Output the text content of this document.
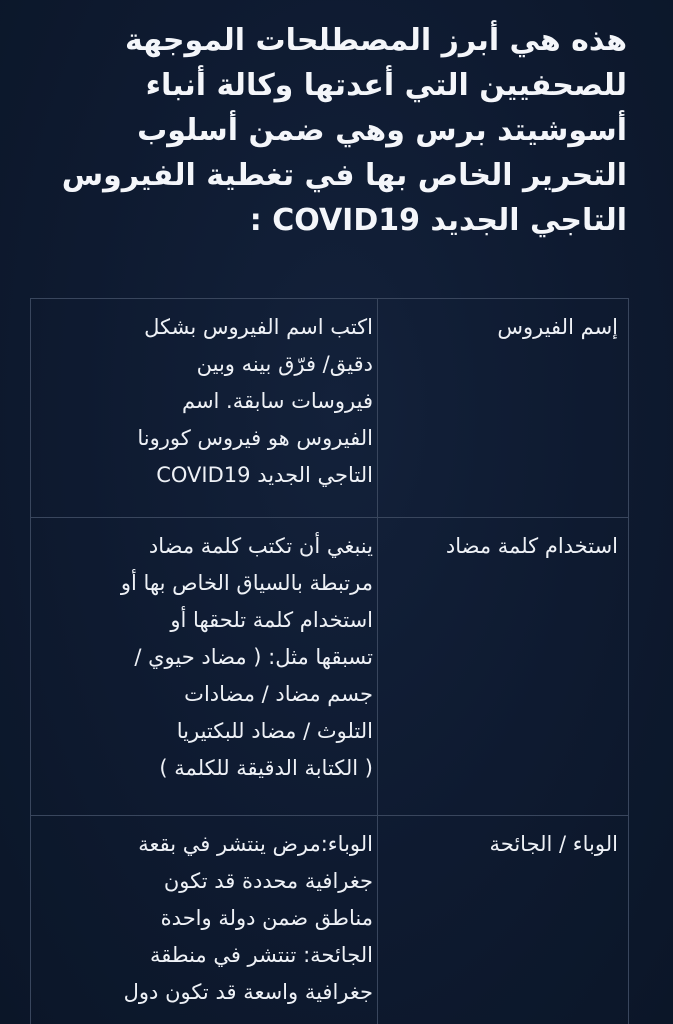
هذه هي أبرز المصطلحات الموجهة
للصحفيين التي أعدتها وكالة أنباء
أسوشيتد برس وهي ضمن أسلوب
التحرير الخاص بها في تغطية الفيروس
التاجي الجديد COVID19 :
إسم الفيروس
اكتب اسم الفيروس بشكل
دقيق/ فرّق بينه وبين
فيروسات سابقة. اسم
الفيروس هو فيروس كورونا
التاجي الجديد COVID19
استخدام كلمة مضاد
ينبغي أن تكتب كلمة مضاد
مرتبطة بالسياق الخاص بها أو
استخدام كلمة تلحقها أو
تسبقها مثل: ( مضاد حيوي /
جسم مضاد / مضادات
التلوث / مضاد للبكتيريا
( الكتابة الدقيقة للكلمة )
الوباء / الجائحة
الوباء:مرض ينتشر في بقعة
جغرافية محددة قد تكون
مناطق ضمن دولة واحدة
الجائحة: تنتشر في منطقة
جغرافية واسعة قد تكون دول
